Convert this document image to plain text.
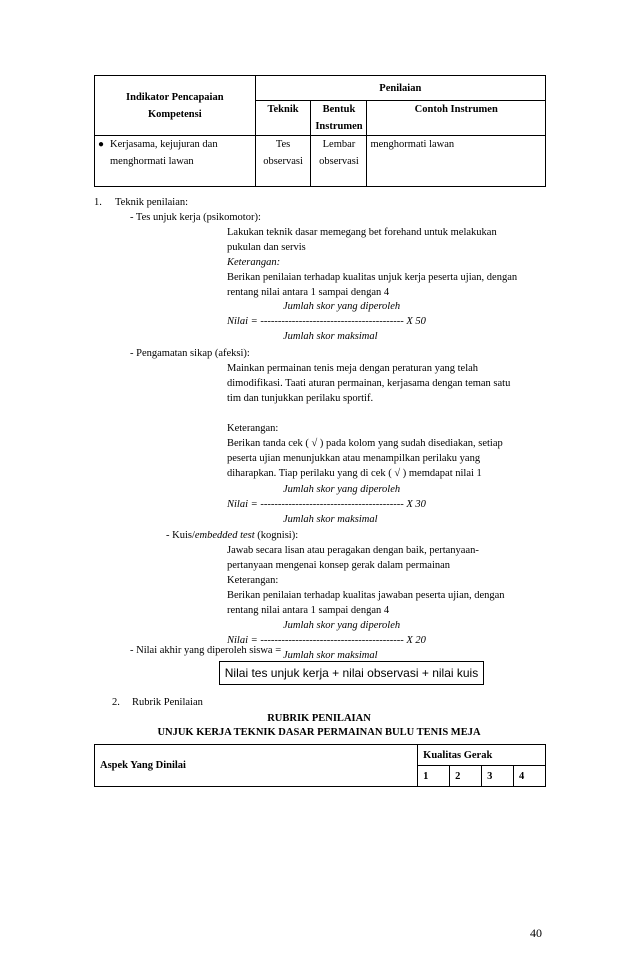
Indikator Pencapaian Kompetensi	Penilaian		
	Teknik	Bentuk Instrumen	Contoh Instrumen

● Kerjasama, kejujuran dan menghormati lawan	Tes observasi	Lembar observasi	menghormati lawan
1. Teknik penilaian:
- Tes unjuk kerja (psikomotor):
Lakukan teknik dasar memegang bet forehand untuk melakukan
pukulan dan servis
Keterangan:
Berikan penilaian terhadap kualitas unjuk kerja peserta ujian, dengan
rentang nilai antara 1 sampai dengan 4
Jumlah skor yang diperoleh
Nilai = ----------------------------------------- X 50
Jumlah skor maksimal
- Pengamatan sikap (afeksi):
Mainkan permainan tenis meja dengan peraturan yang telah
dimodifikasi. Taati aturan permainan, kerjasama dengan teman satu
tim dan tunjukkan perilaku sportif.
Keterangan:
Berikan tanda cek ( √ ) pada kolom yang sudah disediakan, setiap
peserta ujian menunjukkan atau menampilkan perilaku yang
diharapkan. Tiap perilaku yang di cek ( √ ) memdapat nilai 1
Jumlah skor yang diperoleh
Nilai = ----------------------------------------- X 30
Jumlah skor maksimal
- Kuis/embedded test (kognisi):
Jawab secara lisan atau peragakan dengan baik, pertanyaan-
pertanyaan mengenai konsep gerak dalam permainan
Keterangan:
Berikan penilaian terhadap kualitas jawaban peserta ujian, dengan
rentang nilai antara 1 sampai dengan 4
Jumlah skor yang diperoleh
Nilai = ----------------------------------------- X 20
Jumlah skor maksimal
- Nilai akhir yang diperoleh siswa =
Nilai tes unjuk kerja + nilai observasi + nilai kuis
2. Rubrik Penilaian
RUBRIK PENILAIAN
UNJUK KERJA TEKNIK DASAR PERMAINAN BULU TENIS MEJA
Aspek Yang Dinilai	Kualitas Gerak			
	1	2	3	4
40
